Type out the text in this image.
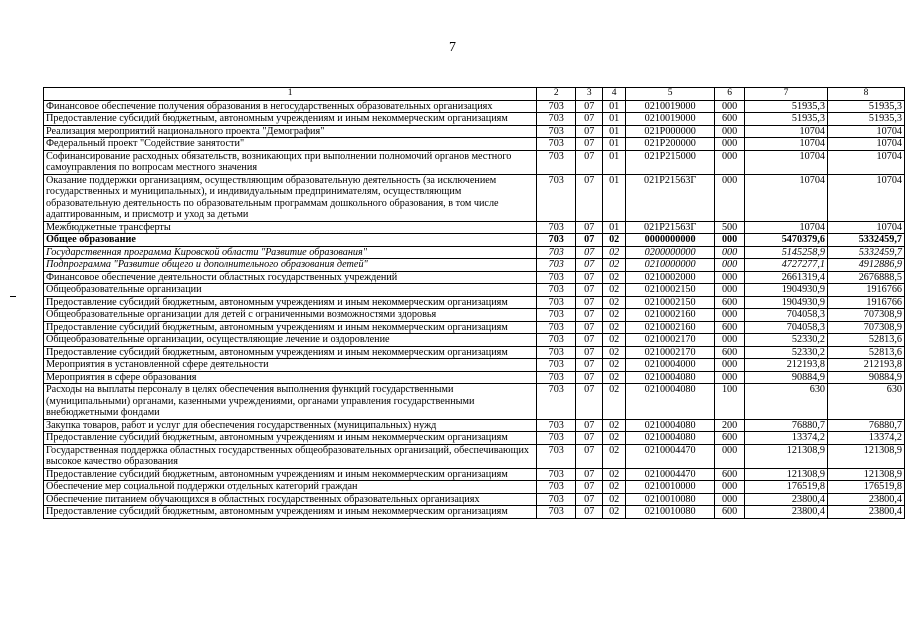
7
1	2	3	4	5	6	7	8
Финансовое обеспечение получения образования в негосударственных образовательных организациях	703	07	01	0210019000	000	51935,3	51935,3
Предоставление субсидий бюджетным, автономным учреждениям и иным некоммерческим организациям	703	07	01	0210019000	600	51935,3	51935,3
Реализация мероприятий национального проекта "Демография"	703	07	01	021P000000	000	10704	10704
Федеральный проект "Содействие занятости"	703	07	01	021P200000	000	10704	10704
Софинансирование расходных обязательств, возникающих при выполнении полномочий органов местного самоуправления по вопросам местного значения	703	07	01	021P215000	000	10704	10704
Оказание поддержки организациям, осуществляющим образовательную деятельность (за исключением государственных и муниципальных), и индивидуальным предпринимателям, осуществляющим образовательную деятельность по образовательным программам дошкольного образования, в том числе адаптированным, и присмотр и уход за детьми	703	07	01	021P21563Г	000	10704	10704
Межбюджетные трансферты	703	07	01	021P21563Г	500	10704	10704
Общее образование	703	07	02	0000000000	000	5470379,6	5332459,7
Государственная программа Кировской области "Развитие образования"	703	07	02	0200000000	000	5145258,9	5332459,7
Подпрограмма "Развитие общего и дополнительного образования детей"	703	07	02	0210000000	000	4727277,1	4912886,9
Финансовое обеспечение деятельности областных государственных учреждений	703	07	02	0210002000	000	2661319,4	2676888,5
Общеобразовательные организации	703	07	02	0210002150	000	1904930,9	1916766
Предоставление субсидий бюджетным, автономным учреждениям и иным некоммерческим организациям	703	07	02	0210002150	600	1904930,9	1916766
Общеобразовательные организации для детей с ограниченными возможностями здоровья	703	07	02	0210002160	000	704058,3	707308,9
Предоставление субсидий бюджетным, автономным учреждениям и иным некоммерческим организациям	703	07	02	0210002160	600	704058,3	707308,9
Общеобразовательные организации, осуществляющие лечение и оздоровление	703	07	02	0210002170	000	52330,2	52813,6
Предоставление субсидий бюджетным, автономным учреждениям и иным некоммерческим организациям	703	07	02	0210002170	600	52330,2	52813,6
Мероприятия в установленной сфере деятельности	703	07	02	0210004000	000	212193,8	212193,8
Мероприятия в сфере образования	703	07	02	0210004080	000	90884,9	90884,9
Расходы на выплаты персоналу в целях обеспечения выполнения функций государственными (муниципальными) органами, казенными учреждениями, органами управления государственными внебюджетными фондами	703	07	02	0210004080	100	630	630
Закупка товаров, работ и услуг для обеспечения государственных (муниципальных) нужд	703	07	02	0210004080	200	76880,7	76880,7
Предоставление субсидий бюджетным, автономным учреждениям и иным некоммерческим организациям	703	07	02	0210004080	600	13374,2	13374,2
Государственная поддержка областных государственных общеобразовательных организаций, обеспечивающих высокое качество образования	703	07	02	0210004470	000	121308,9	121308,9
Предоставление субсидий бюджетным, автономным учреждениям и иным некоммерческим организациям	703	07	02	0210004470	600	121308,9	121308,9
Обеспечение мер социальной поддержки отдельных категорий граждан	703	07	02	0210010000	000	176519,8	176519,8
Обеспечение питанием обучающихся в областных государственных образовательных организациях	703	07	02	0210010080	000	23800,4	23800,4
Предоставление субсидий бюджетным, автономным учреждениям и иным некоммерческим организациям	703	07	02	0210010080	600	23800,4	23800,4
